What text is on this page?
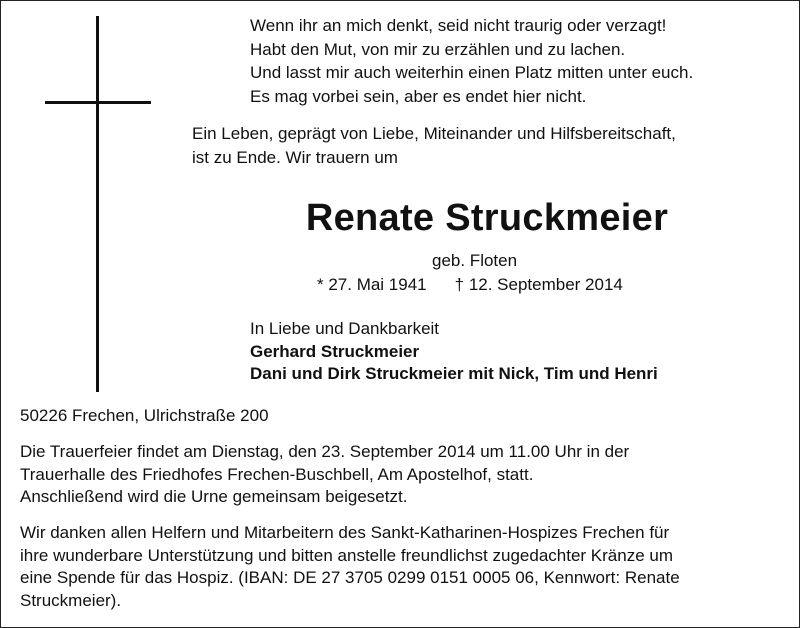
Wenn ihr an mich denkt, seid nicht traurig oder verzagt!
Habt den Mut, von mir zu erzählen und zu lachen.
Und lasst mir auch weiterhin einen Platz mitten unter euch.
Es mag vorbei sein, aber es endet hier nicht.
Ein Leben, geprägt von Liebe, Miteinander und Hilfsbereitschaft,
ist zu Ende. Wir trauern um
Renate Struckmeier
geb. Floten
* 27. Mai 1941 † 12. September 2014
In Liebe und Dankbarkeit
Gerhard Struckmeier
Dani und Dirk Struckmeier mit Nick, Tim und Henri
50226 Frechen, Ulrichstraße 200
Die Trauerfeier findet am Dienstag, den 23. September 2014 um 11.00 Uhr in der
Trauerhalle des Friedhofes Frechen-Buschbell, Am Apostelhof, statt.
Anschließend wird die Urne gemeinsam beigesetzt.
Wir danken allen Helfern und Mitarbeitern des Sankt-Katharinen-Hospizes Frechen für
ihre wunderbare Unterstützung und bitten anstelle freundlichst zugedachter Kränze um
eine Spende für das Hospiz. (IBAN: DE 27 3705 0299 0151 0005 06, Kennwort: Renate
Struckmeier).
